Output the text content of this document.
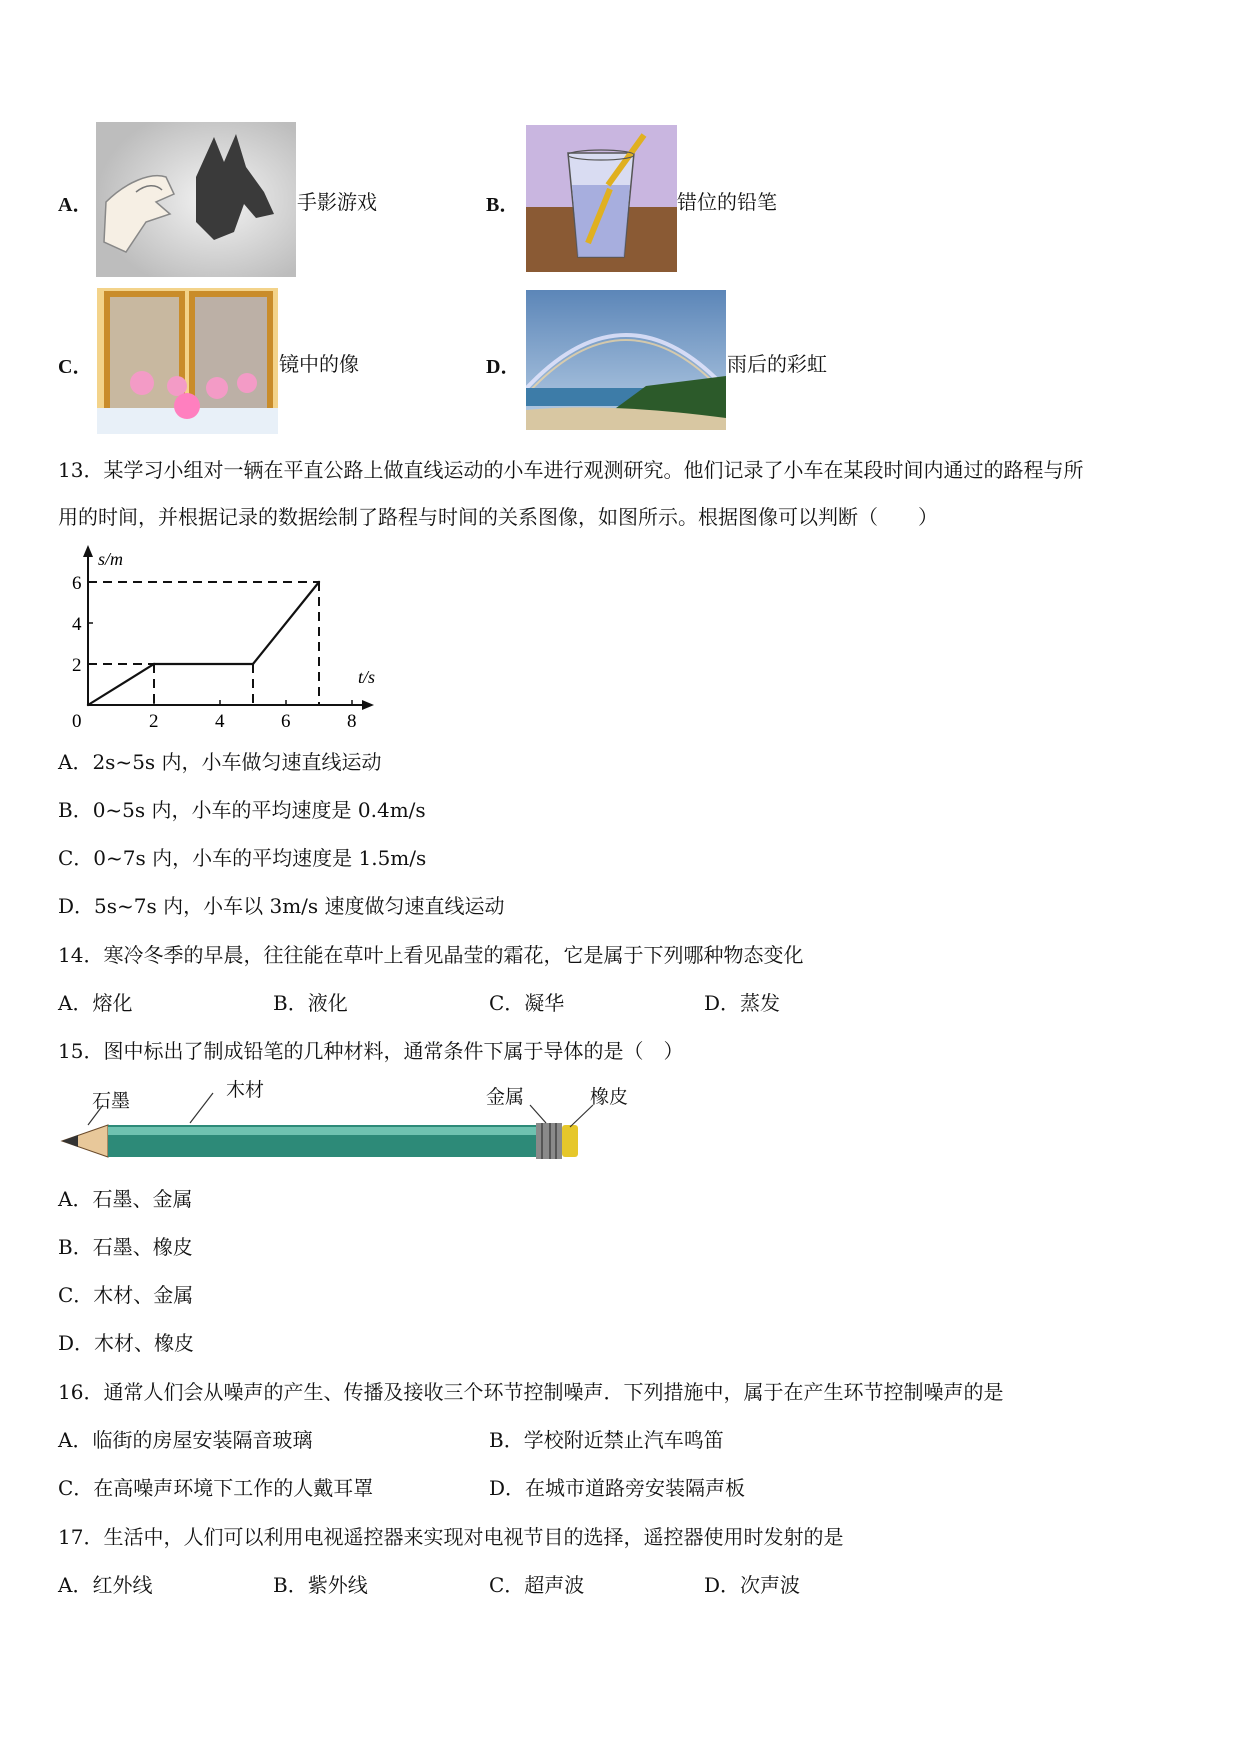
A．	手影游戏	B．	错位的铅笔
C．	镜中的像	D．	雨后的彩虹
13．某学习小组对一辆在平直公路上做直线运动的小车进行观测研究。他们记录了小车在某段时间内通过的路程与所
用的时间，并根据记录的数据绘制了路程与时间的关系图像，如图所示。根据图像可以判断（　　）
s/m
t/s
0	2	4	6	8
2
4
6
A．2s~5s 内，小车做匀速直线运动
B．0~5s 内，小车的平均速度是 0.4m/s
C．0~7s 内，小车的平均速度是 1.5m/s
D．5s~7s 内，小车以 3m/s 速度做匀速直线运动
14．寒冷冬季的早晨，往往能在草叶上看见晶莹的霜花，它是属于下列哪种物态变化
A．熔化	B．液化	C．凝华	D．蒸发
15．图中标出了制成铅笔的几种材料，通常条件下属于导体的是（　）
石墨	木材	金属	橡皮
A．石墨、金属
B．石墨、橡皮
C．木材、金属
D．木材、橡皮
16．通常人们会从噪声的产生、传播及接收三个环节控制噪声．下列措施中，属于在产生环节控制噪声的是
A．临街的房屋安装隔音玻璃	B．学校附近禁止汽车鸣笛
C．在高噪声环境下工作的人戴耳罩	D．在城市道路旁安装隔声板
17．生活中，人们可以利用电视遥控器来实现对电视节目的选择，遥控器使用时发射的是
A．红外线	B．紫外线	C．超声波	D．次声波
